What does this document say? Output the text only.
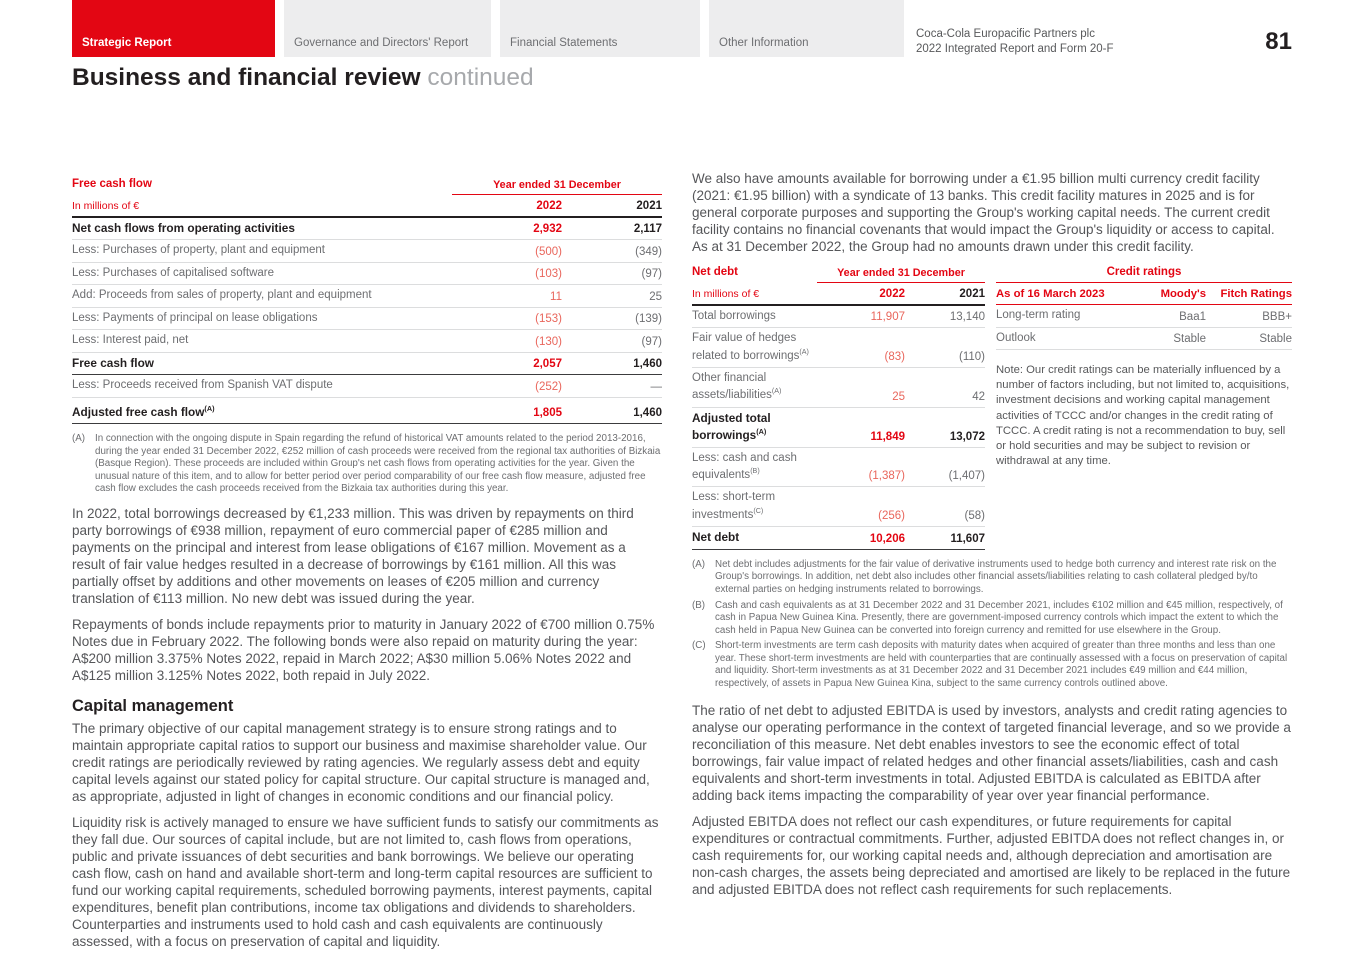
Strategic Report	Governance and Directors' Report	Financial Statements	Other Information
Coca-Cola Europacific Partners plc
2022 Integrated Report and Form 20-F	81
Business and financial review continued
Free cash flow	Year ended 31 December	
In millions of €	2022	2021
Net cash flows from operating activities	2,932	2,117
Less: Purchases of property, plant and equipment	(500)	(349)
Less: Purchases of capitalised software	(103)	(97)
Add: Proceeds from sales of property, plant and equipment	11	25
Less: Payments of principal on lease obligations	(153)	(139)
Less: Interest paid, net	(130)	(97)
Free cash flow	2,057	1,460
Less: Proceeds received from Spanish VAT dispute	(252)	—
Adjusted free cash flow$^{(A)}$	1,805	1,460
(A)	In connection with the ongoing dispute in Spain regarding the refund of historical VAT amounts related to the period 2013-2016, during the year ended 31 December 2022, €252 million of cash proceeds were received from the regional tax authorities of Bizkaia (Basque Region). These proceeds are included within Group's net cash flows from operating activities for the year. Given the unusual nature of this item, and to allow for better period over period comparability of our free cash flow measure, adjusted free cash flow excludes the cash proceeds received from the Bizkaia tax authorities during this year.

In 2022, total borrowings decreased by €1,233 million. This was driven by repayments on third party borrowings of €938 million, repayment of euro commercial paper of €285 million and payments on the principal and interest from lease obligations of €167 million. Movement as a result of fair value hedges resulted in a decrease of borrowings by €161 million. All this was partially offset by additions and other movements on leases of €205 million and currency translation of €113 million. No new debt was issued during the year.

Repayments of bonds include repayments prior to maturity in January 2022 of €700 million 0.75% Notes due in February 2022. The following bonds were also repaid on maturity during the year: A$200 million 3.375% Notes 2022, repaid in March 2022; A$30 million 5.06% Notes 2022 and A$125 million 3.125% Notes 2022, both repaid in July 2022.

Capital management

The primary objective of our capital management strategy is to ensure strong ratings and to maintain appropriate capital ratios to support our business and maximise shareholder value. Our credit ratings are periodically reviewed by rating agencies. We regularly assess debt and equity capital levels against our stated policy for capital structure. Our capital structure is managed and, as appropriate, adjusted in light of changes in economic conditions and our financial policy.

Liquidity risk is actively managed to ensure we have sufficient funds to satisfy our commitments as they fall due. Our sources of capital include, but are not limited to, cash flows from operations, public and private issuances of debt securities and bank borrowings. We believe our operating cash flow, cash on hand and available short-term and long-term capital resources are sufficient to fund our working capital requirements, scheduled borrowing payments, interest payments, capital expenditures, benefit plan contributions, income tax obligations and dividends to shareholders. Counterparties and instruments used to hold cash and cash equivalents are continuously assessed, with a focus on preservation of capital and liquidity.

We also have amounts available for borrowing under a €1.95 billion multi currency credit facility (2021: €1.95 billion) with a syndicate of 13 banks. This credit facility matures in 2025 and is for general corporate purposes and supporting the Group's working capital needs. The current credit facility contains no financial covenants that would impact the Group's liquidity or access to capital. As at 31 December 2022, the Group had no amounts drawn under this credit facility.

Net debt	Year ended 31 December	
In millions of €	2022	2021
Total borrowings	11,907	13,140
Fair value of hedges related to borrowings$^{(A)}$	(83)	(110)
Other financial assets/liabilities$^{(A)}$	25	42
Adjusted total borrowings$^{(A)}$	11,849	13,072
Less: cash and cash equivalents$^{(B)}$	(1,387)	(1,407)
Less: short-term investments$^{(C)}$	(256)	(58)
Net debt	10,206	11,607
Credit ratings		
As of 16 March 2023	Moody's	Fitch Ratings
Long-term rating	Baa1	BBB+
Outlook	Stable	Stable
Note: Our credit ratings can be materially influenced by a number of factors including, but not limited to, acquisitions, investment decisions and working capital management activities of TCCC and/or changes in the credit rating of TCCC. A credit rating is not a recommendation to buy, sell or hold securities and may be subject to revision or withdrawal at any time.
(A)	Net debt includes adjustments for the fair value of derivative instruments used to hedge both currency and interest rate risk on the Group's borrowings. In addition, net debt also includes other financial assets/liabilities relating to cash collateral pledged by/to external parties on hedging instruments related to borrowings.
(B)	Cash and cash equivalents as at 31 December 2022 and 31 December 2021, includes €102 million and €45 million, respectively, of cash in Papua New Guinea Kina. Presently, there are government-imposed currency controls which impact the extent to which the cash held in Papua New Guinea can be converted into foreign currency and remitted for use elsewhere in the Group.
(C) Short-term investments are term cash deposits with maturity dates when acquired of greater than three months and less than one year. These short-term investments are held with counterparties that are continually assessed with a focus on preservation of capital and liquidity. Short-term investments as at 31 December 2022 and 31 December 2021 includes €49 million and €44 million, respectively, of assets in Papua New Guinea Kina, subject to the same currency controls outlined above.

The ratio of net debt to adjusted EBITDA is used by investors, analysts and credit rating agencies to analyse our operating performance in the context of targeted financial leverage, and so we provide a reconciliation of this measure. Net debt enables investors to see the economic effect of total borrowings, fair value impact of related hedges and other financial assets/liabilities, cash and cash equivalents and short-term investments in total. Adjusted EBITDA is calculated as EBITDA after adding back items impacting the comparability of year over year financial performance.

Adjusted EBITDA does not reflect our cash expenditures, or future requirements for capital expenditures or contractual commitments. Further, adjusted EBITDA does not reflect changes in, or cash requirements for, our working capital needs and, although depreciation and amortisation are non-cash charges, the assets being depreciated and amortised are likely to be replaced in the future and adjusted EBITDA does not reflect cash requirements for such replacements.
